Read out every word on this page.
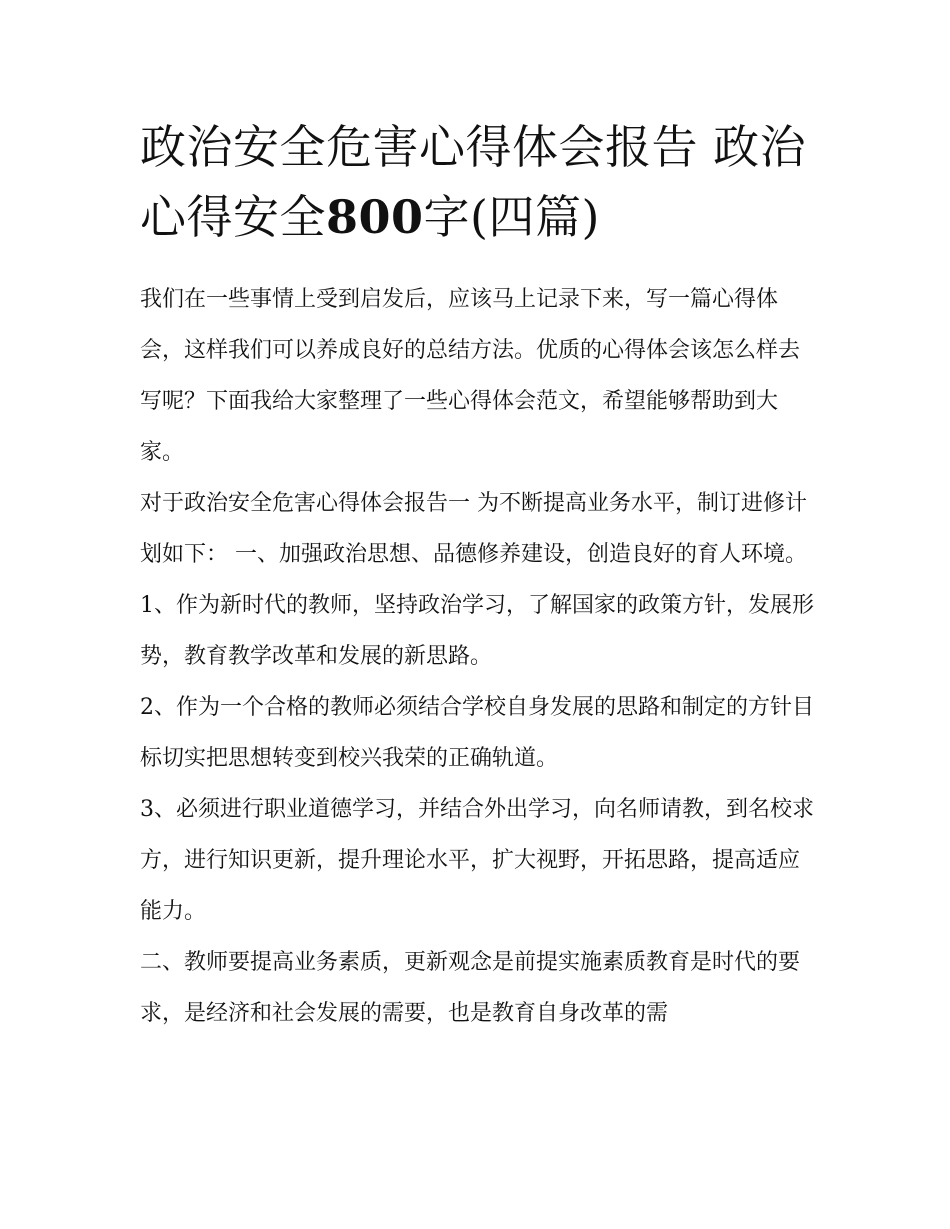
政治安全危害心得体会报告 政治心得安全800字(四篇)

我们在一些事情上受到启发后，应该马上记录下来，写一篇心得体会，这样我们可以养成良好的总结方法。优质的心得体会该怎么样去写呢？下面我给大家整理了一些心得体会范文，希望能够帮助到大家。

对于政治安全危害心得体会报告一 为不断提高业务水平，制订进修计划如下： 一、加强政治思想、品德修养建设，创造良好的育人环境。

1、作为新时代的教师，坚持政治学习，了解国家的政策方针，发展形势，教育教学改革和发展的新思路。

2、作为一个合格的教师必须结合学校自身发展的思路和制定的方针目标切实把思想转变到校兴我荣的正确轨道。

3、必须进行职业道德学习，并结合外出学习，向名师请教，到名校求方，进行知识更新，提升理论水平，扩大视野，开拓思路，提高适应能力。

二、教师要提高业务素质，更新观念是前提实施素质教育是时代的要求，是经济和社会发展的需要，也是教育自身改革的需
